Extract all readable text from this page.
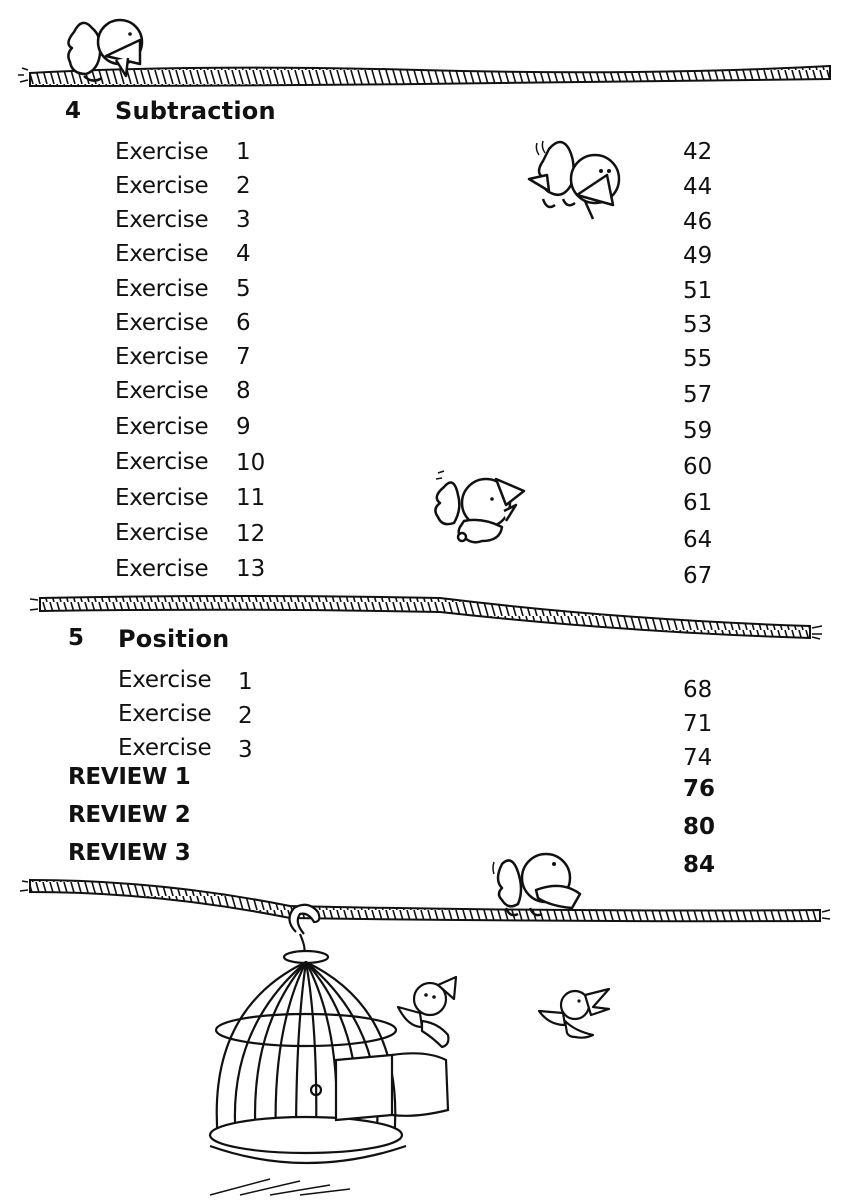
4 Subtraction
Exercise 1	42
Exercise 2	44
Exercise 3	46
Exercise 4	49
Exercise 5	51
Exercise 6	53
Exercise 7	55
Exercise 8	57
Exercise 9	59
Exercise 10	60
Exercise 11	61
Exercise 12	64
Exercise 13	67
5 Position
Exercise 1	68
Exercise 2	71
Exercise 3	74
REVIEW 1	76
REVIEW 2	80
REVIEW 3	84
